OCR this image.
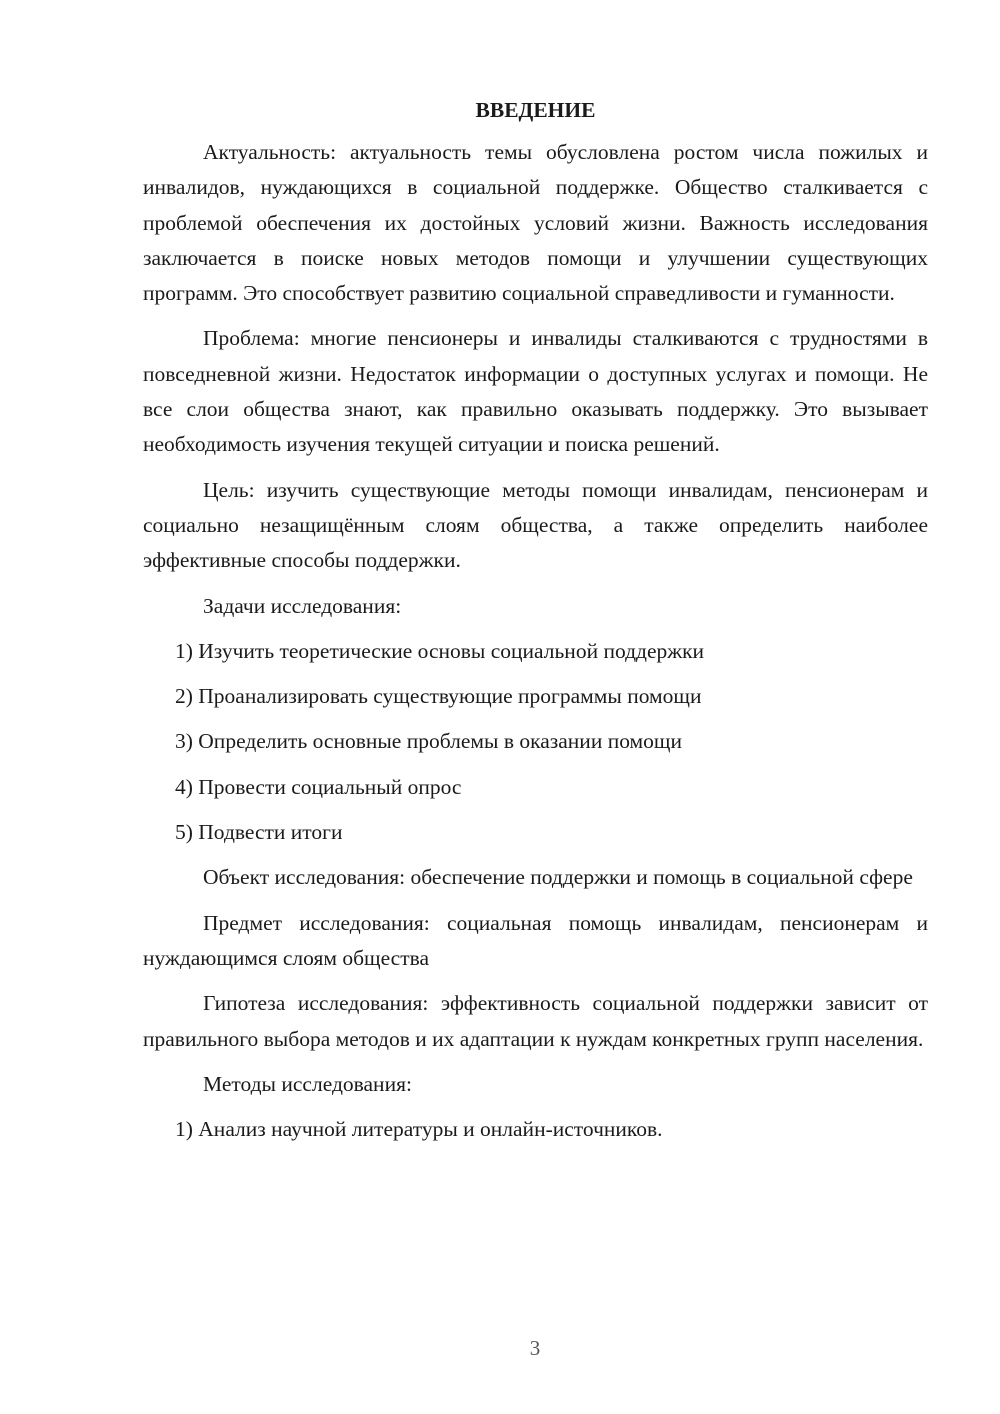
ВВЕДЕНИЕ

Актуальность: актуальность темы обусловлена ростом числа пожилых и инвалидов, нуждающихся в социальной поддержке. Общество сталкивается с проблемой обеспечения их достойных условий жизни. Важность исследования заключается в поиске новых методов помощи и улучшении существующих программ. Это способствует развитию социальной справедливости и гуманности.

Проблема: многие пенсионеры и инвалиды сталкиваются с трудностями в повседневной жизни. Недостаток информации о доступных услугах и помощи. Не все слои общества знают, как правильно оказывать поддержку. Это вызывает необходимость изучения текущей ситуации и поиска решений.

Цель: изучить существующие методы помощи инвалидам, пенсионерам и социально незащищённым слоям общества, а также определить наиболее эффективные способы поддержки.

Задачи исследования:

1) Изучить теоретические основы социальной поддержки
2) Проанализировать существующие программы помощи
3) Определить основные проблемы в оказании помощи
4) Провести социальный опрос
5) Подвести итоги

Объект исследования: обеспечение поддержки и помощь в социальной сфере

Предмет исследования: социальная помощь инвалидам, пенсионерам и нуждающимся слоям общества

Гипотеза исследования: эффективность социальной поддержки зависит от правильного выбора методов и их адаптации к нуждам конкретных групп населения.

Методы исследования:

1) Анализ научной литературы и онлайн-источников.
3
